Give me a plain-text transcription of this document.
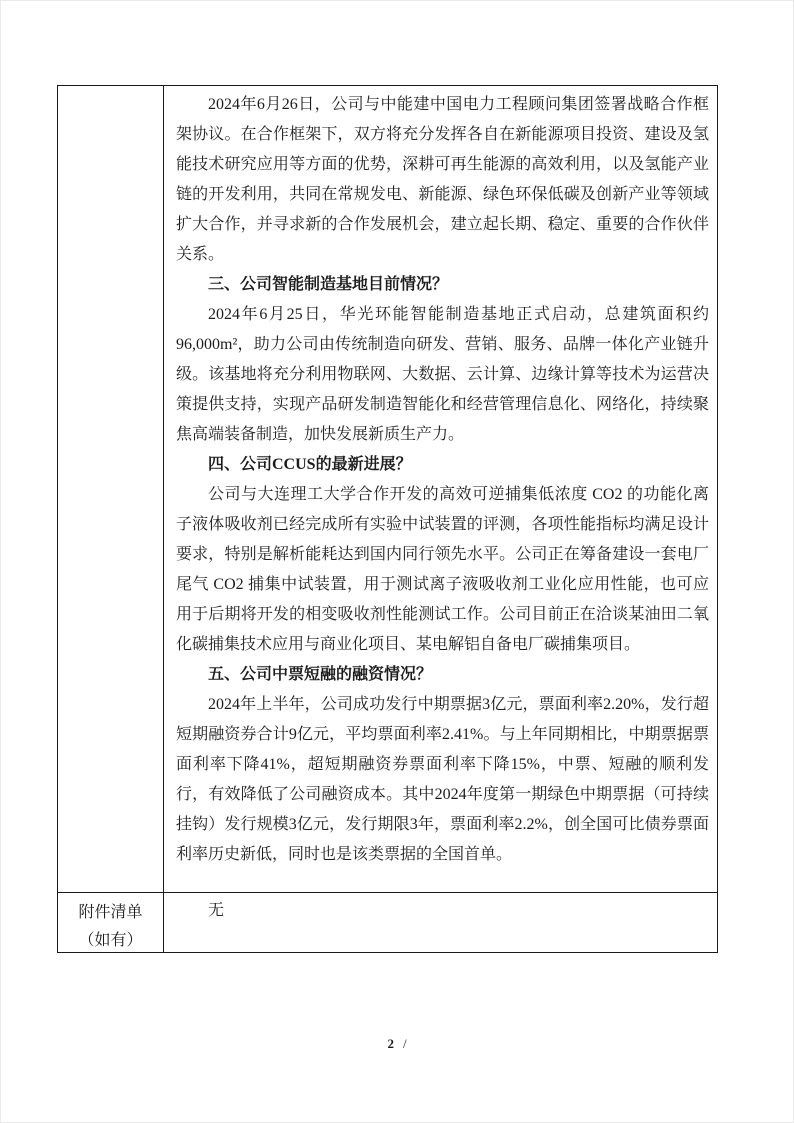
2024年6月26日，公司与中能建中国电力工程顾问集团签署战略合作框架协议。在合作框架下，双方将充分发挥各自在新能源项目投资、建设及氢能技术研究应用等方面的优势，深耕可再生能源的高效利用，以及氢能产业链的开发利用，共同在常规发电、新能源、绿色环保低碳及创新产业等领域扩大合作，并寻求新的合作发展机会，建立起长期、稳定、重要的合作伙伴关系。

三、公司智能制造基地目前情况？

2024年6月25日，华光环能智能制造基地正式启动，总建筑面积约96,000m²，助力公司由传统制造向研发、营销、服务、品牌一体化产业链升级。该基地将充分利用物联网、大数据、云计算、边缘计算等技术为运营决策提供支持，实现产品研发制造智能化和经营管理信息化、网络化，持续聚焦高端装备制造，加快发展新质生产力。

四、公司CCUS的最新进展？

公司与大连理工大学合作开发的高效可逆捕集低浓度 CO2 的功能化离子液体吸收剂已经完成所有实验中试装置的评测，各项性能指标均满足设计要求，特别是解析能耗达到国内同行领先水平。公司正在筹备建设一套电厂尾气 CO2 捕集中试装置，用于测试离子液吸收剂工业化应用性能，也可应用于后期将开发的相变吸收剂性能测试工作。公司目前正在洽谈某油田二氧化碳捕集技术应用与商业化项目、某电解铝自备电厂碳捕集项目。

五、公司中票短融的融资情况？

2024年上半年，公司成功发行中期票据3亿元，票面利率2.20%，发行超短期融资券合计9亿元，平均票面利率2.41%。与上年同期相比，中期票据票面利率下降41%，超短期融资券票面利率下降15%，中票、短融的顺利发行，有效降低了公司融资成本。其中2024年度第一期绿色中期票据（可持续挂钩）发行规模3亿元，发行期限3年，票面利率2.2%，创全国可比债券票面利率历史新低，同时也是该类票据的全国首单。

附件清单
（如有）

无

2 /
